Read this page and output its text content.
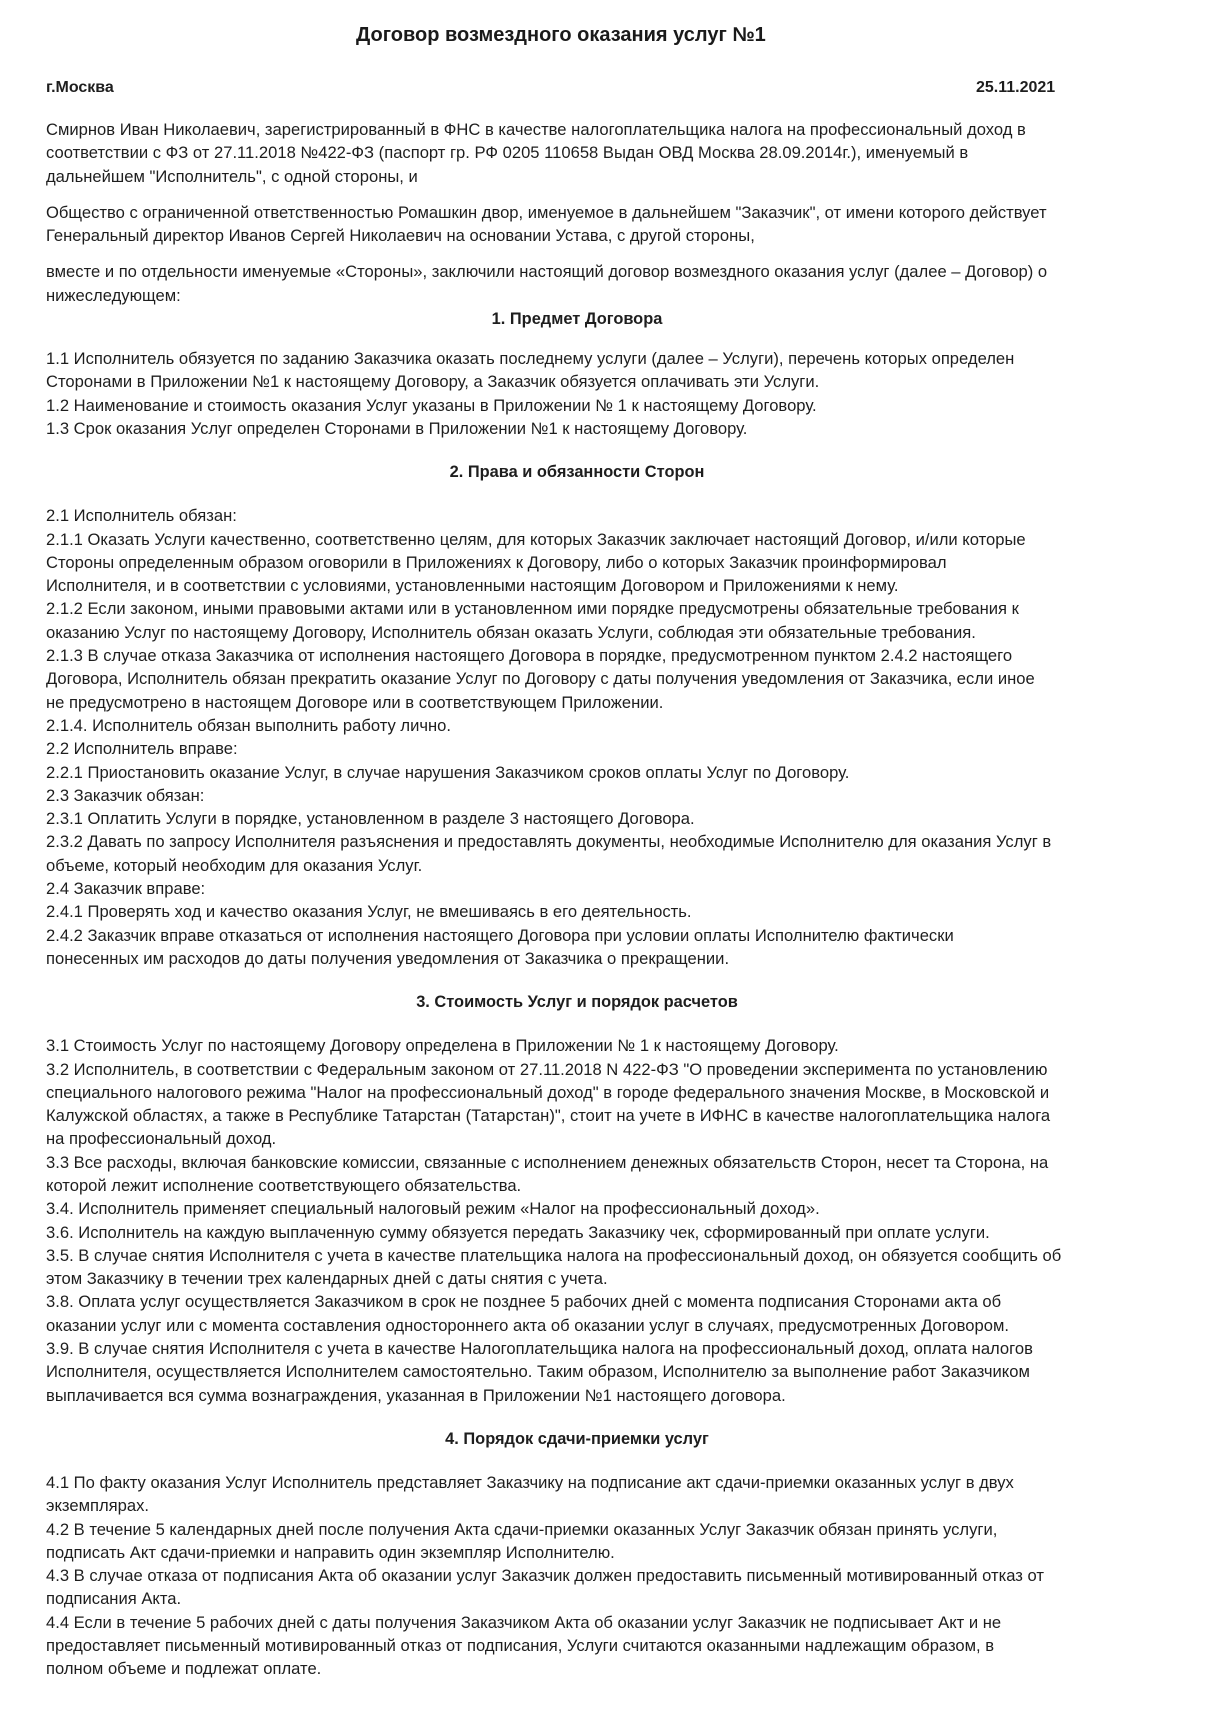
Договор возмездного оказания услуг №1
г.Москва	25.11.2021

Смирнов Иван Николаевич, зарегистрированный в ФНС в качестве налогоплательщика налога на профессиональный доход в
соответствии с ФЗ от 27.11.2018 №422-ФЗ (паспорт гр. РФ 0205 110658 Выдан ОВД Москва 28.09.2014г.), именуемый в
дальнейшем "Исполнитель", с одной стороны, и

Общество с ограниченной ответственностью Ромашкин двор, именуемое в дальнейшем "Заказчик", от имени которого действует
Генеральный директор Иванов Сергей Николаевич на основании Устава, с другой стороны,

вместе и по отдельности именуемые «Стороны», заключили настоящий договор возмездного оказания услуг (далее – Договор) о
нижеследующем:

1. Предмет Договора

1.1 Исполнитель обязуется по заданию Заказчика оказать последнему услуги (далее – Услуги), перечень которых определен
Сторонами в Приложении №1 к настоящему Договору, а Заказчик обязуется оплачивать эти Услуги.
1.2 Наименование и стоимость оказания Услуг указаны в Приложении № 1 к настоящему Договору.
1.3 Срок оказания Услуг определен Сторонами в Приложении №1 к настоящему Договору.

2. Права и обязанности Сторон

2.1 Исполнитель обязан:
2.1.1 Оказать Услуги качественно, соответственно целям, для которых Заказчик заключает настоящий Договор, и/или которые
Стороны определенным образом оговорили в Приложениях к Договору, либо о которых Заказчик проинформировал
Исполнителя, и в соответствии с условиями, установленными настоящим Договором и Приложениями к нему.
2.1.2 Если законом, иными правовыми актами или в установленном ими порядке предусмотрены обязательные требования к
оказанию Услуг по настоящему Договору, Исполнитель обязан оказать Услуги, соблюдая эти обязательные требования.
2.1.3 В случае отказа Заказчика от исполнения настоящего Договора в порядке, предусмотренном пунктом 2.4.2 настоящего
Договора, Исполнитель обязан прекратить оказание Услуг по Договору с даты получения уведомления от Заказчика, если иное
не предусмотрено в настоящем Договоре или в соответствующем Приложении.
2.1.4. Исполнитель обязан выполнить работу лично.
2.2 Исполнитель вправе:
2.2.1 Приостановить оказание Услуг, в случае нарушения Заказчиком сроков оплаты Услуг по Договору.
2.3 Заказчик обязан:
2.3.1 Оплатить Услуги в порядке, установленном в разделе 3 настоящего Договора.
2.3.2 Давать по запросу Исполнителя разъяснения и предоставлять документы, необходимые Исполнителю для оказания Услуг в
объеме, который необходим для оказания Услуг.
2.4 Заказчик вправе:
2.4.1 Проверять ход и качество оказания Услуг, не вмешиваясь в его деятельность.
2.4.2 Заказчик вправе отказаться от исполнения настоящего Договора при условии оплаты Исполнителю фактически
понесенных им расходов до даты получения уведомления от Заказчика о прекращении.

3. Стоимость Услуг и порядок расчетов

3.1 Стоимость Услуг по настоящему Договору определена в Приложении № 1 к настоящему Договору.
3.2 Исполнитель, в соответствии с Федеральным законом от 27.11.2018 N 422-ФЗ "О проведении эксперимента по установлению
специального налогового режима "Налог на профессиональный доход" в городе федерального значения Москве, в Московской и
Калужской областях, а также в Республике Татарстан (Татарстан)", стоит на учете в ИФНС в качестве налогоплательщика налога
на профессиональный доход.
3.3 Все расходы, включая банковские комиссии, связанные с исполнением денежных обязательств Сторон, несет та Сторона, на
которой лежит исполнение соответствующего обязательства.
3.4. Исполнитель применяет специальный налоговый режим «Налог на профессиональный доход».
3.6. Исполнитель на каждую выплаченную сумму обязуется передать Заказчику чек, сформированный при оплате услуги.
3.5. В случае снятия Исполнителя с учета в качестве плательщика налога на профессиональный доход, он обязуется сообщить об
этом Заказчику в течении трех календарных дней с даты снятия с учета.
3.8. Оплата услуг осуществляется Заказчиком в срок не позднее 5 рабочих дней с момента подписания Сторонами акта об
оказании услуг или с момента составления одностороннего акта об оказании услуг в случаях, предусмотренных Договором.
3.9. В случае снятия Исполнителя с учета в качестве Налогоплательщика налога на профессиональный доход, оплата налогов
Исполнителя, осуществляется Исполнителем самостоятельно. Таким образом, Исполнителю за выполнение работ Заказчиком
выплачивается вся сумма вознаграждения, указанная в Приложении №1 настоящего договора.

4. Порядок сдачи-приемки услуг

4.1 По факту оказания Услуг Исполнитель представляет Заказчику на подписание акт сдачи-приемки оказанных услуг в двух
экземплярах.
4.2 В течение 5 календарных дней после получения Акта сдачи-приемки оказанных Услуг Заказчик обязан принять услуги,
подписать Акт сдачи-приемки и направить один экземпляр Исполнителю.
4.3 В случае отказа от подписания Акта об оказании услуг Заказчик должен предоставить письменный мотивированный отказ от
подписания Акта.
4.4 Если в течение 5 рабочих дней с даты получения Заказчиком Акта об оказании услуг Заказчик не подписывает Акт и не
предоставляет письменный мотивированный отказ от подписания, Услуги считаются оказанными надлежащим образом, в
полном объеме и подлежат оплате.
